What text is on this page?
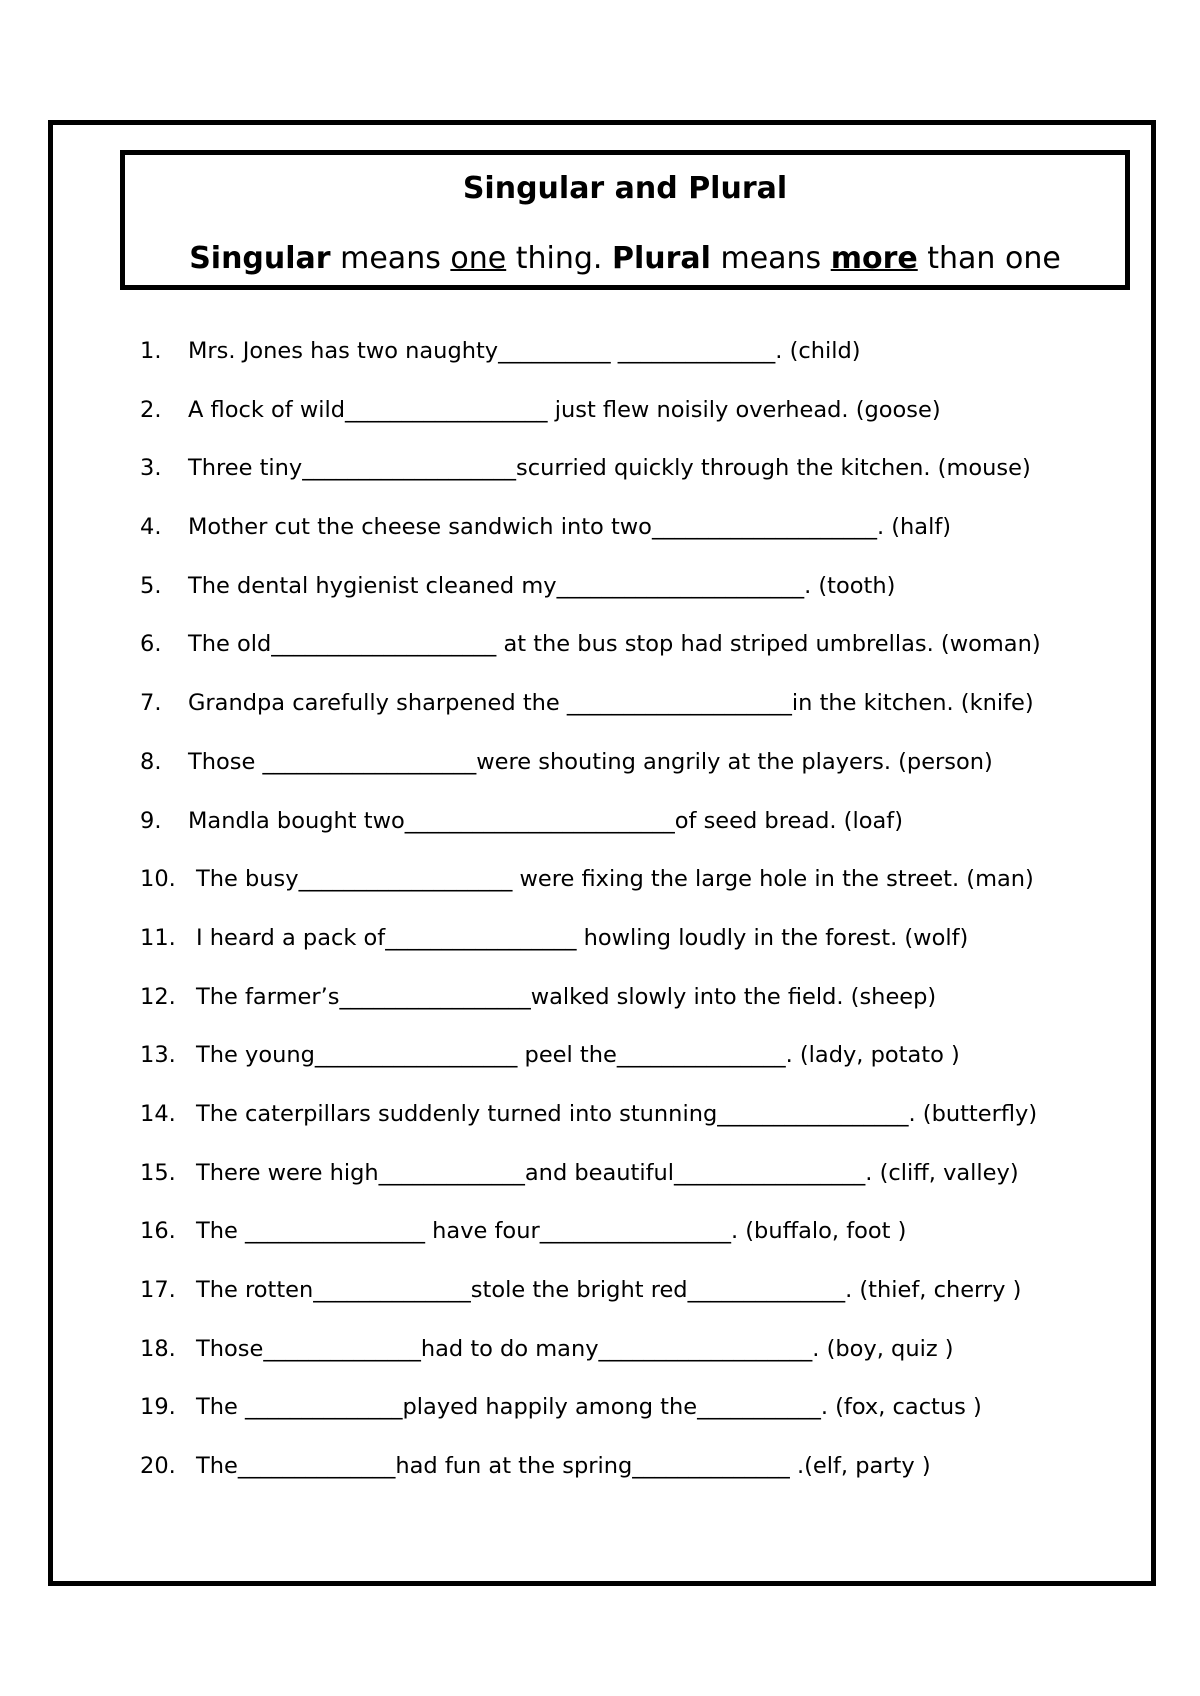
Singular and Plural
Singular means one thing. Plural means more than one
1.	Mrs. Jones has two naughty__________ ______________. (child)
2.	A flock of wild__________________ just flew noisily overhead. (goose)
3.	Three tiny___________________scurried quickly through the kitchen. (mouse)
4.	Mother cut the cheese sandwich into two____________________. (half)
5.	The dental hygienist cleaned my______________________. (tooth)
6.	The old____________________ at the bus stop had striped umbrellas. (woman)
7.	Grandpa carefully sharpened the ____________________in the kitchen. (knife)
8.	Those ___________________were shouting angrily at the players. (person)
9.	Mandla bought two________________________of seed bread. (loaf)
10. The busy___________________ were fixing the large hole in the street. (man)
11. I heard a pack of_________________ howling loudly in the forest. (wolf)
12. The farmer’s_________________walked slowly into the field. (sheep)
13. The young__________________ peel the_______________. (lady, potato )
14. The caterpillars suddenly turned into stunning_________________. (butterfly)
15. There were high_____________and beautiful_________________. (cliff, valley)
16. The ________________ have four_________________. (buffalo, foot )
17. The rotten______________stole the bright red______________. (thief, cherry )
18. Those______________had to do many___________________. (boy, quiz )
19. The ______________played happily among the___________. (fox, cactus )
20. The______________had fun at the spring______________ .(elf, party )
